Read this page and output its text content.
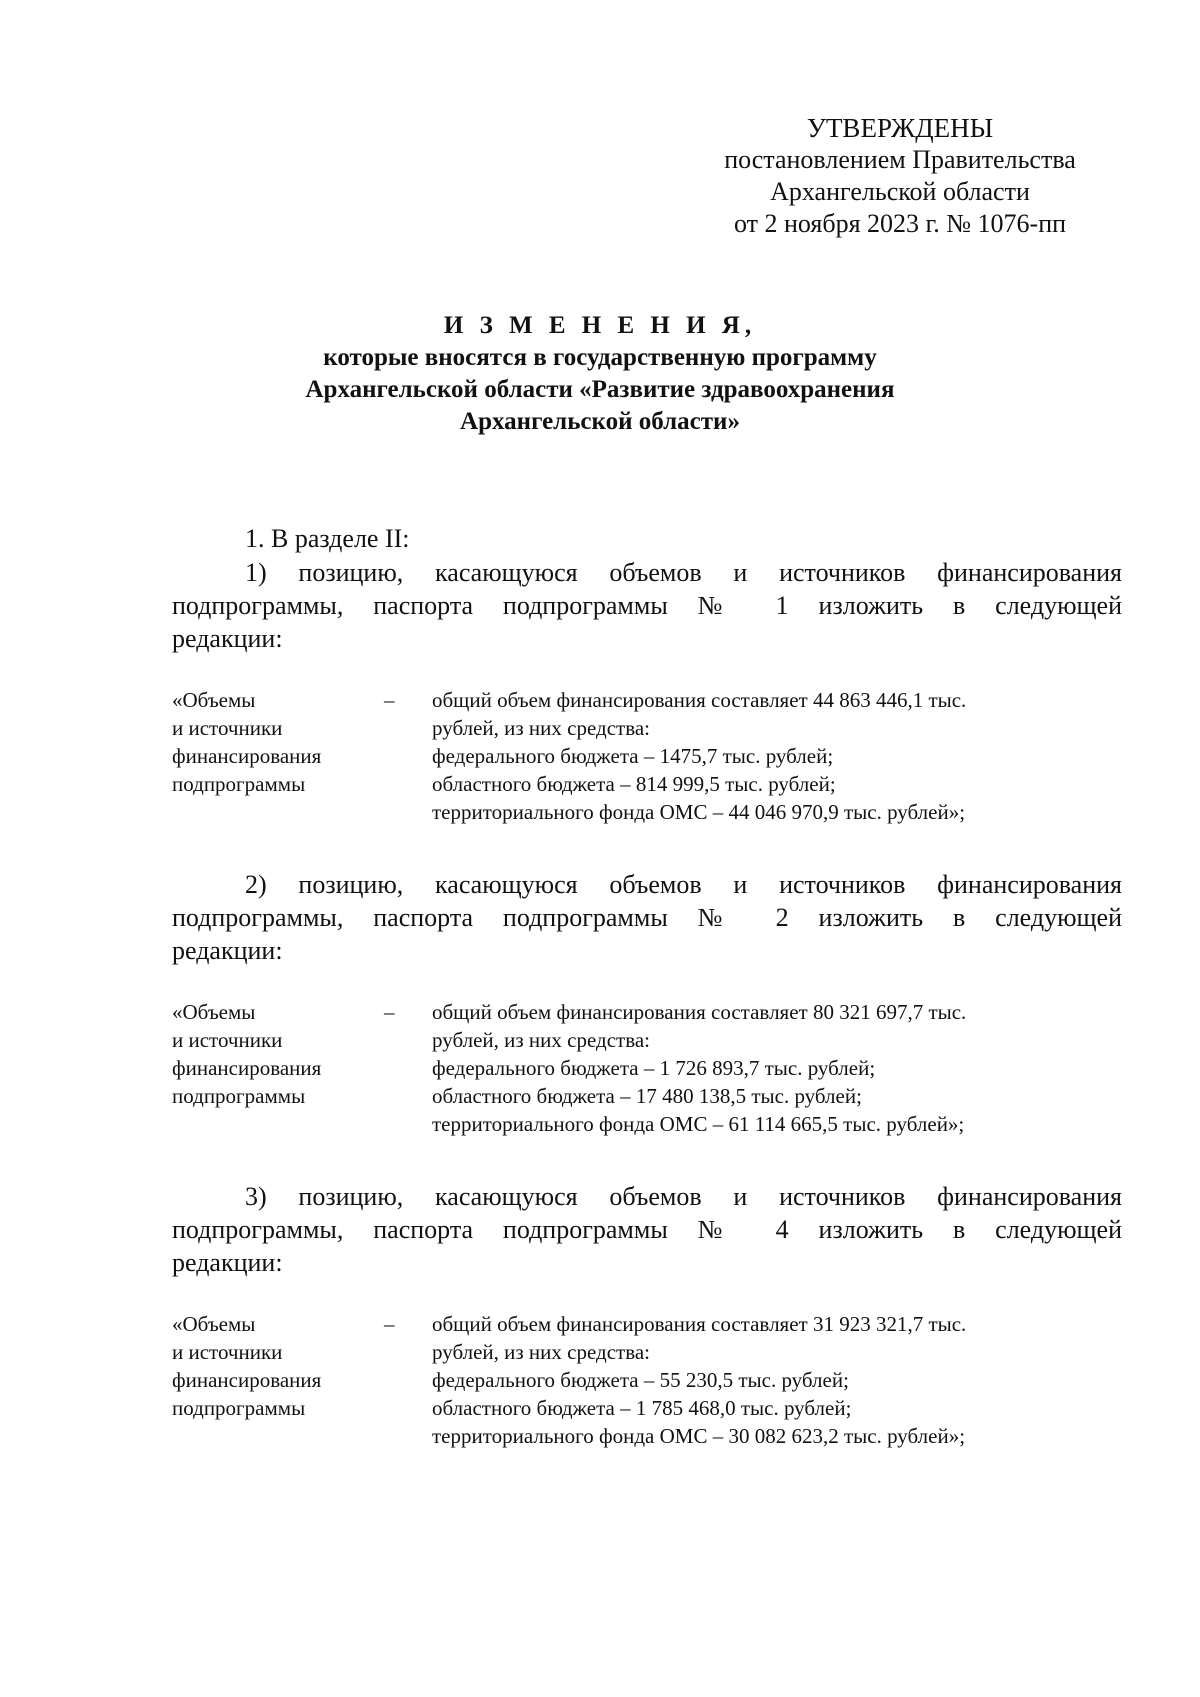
УТВЕРЖДЕНЫ
постановлением Правительства
Архангельской области
от 2 ноября 2023 г. № 1076-пп
И З М Е Н Е Н И Я,
которые вносятся в государственную программу
Архангельской области «Развитие здравоохранения
Архангельской области»
1. В разделе II:
1) позицию, касающуюся объемов и источников финансирования
подпрограммы, паспорта подпрограммы № 1 изложить в следующей
редакции:
«Объемы
и источники
финансирования
подпрограммы
– общий объем финансирования составляет 44 863 446,1 тыс.
рублей, из них средства:
федерального бюджета – 1475,7 тыс. рублей;
областного бюджета – 814 999,5 тыс. рублей;
территориального фонда ОМС – 44 046 970,9 тыс. рублей»;
2) позицию, касающуюся объемов и источников финансирования
подпрограммы, паспорта подпрограммы № 2 изложить в следующей
редакции:
«Объемы
и источники
финансирования
подпрограммы
– общий объем финансирования составляет 80 321 697,7 тыс.
рублей, из них средства:
федерального бюджета – 1 726 893,7 тыс. рублей;
областного бюджета – 17 480 138,5 тыс. рублей;
территориального фонда ОМС – 61 114 665,5 тыс. рублей»;
3) позицию, касающуюся объемов и источников финансирования
подпрограммы, паспорта подпрограммы № 4 изложить в следующей
редакции:
«Объемы
и источники
финансирования
подпрограммы
– общий объем финансирования составляет 31 923 321,7 тыс.
рублей, из них средства:
федерального бюджета – 55 230,5 тыс. рублей;
областного бюджета – 1 785 468,0 тыс. рублей;
территориального фонда ОМС – 30 082 623,2 тыс. рублей»;
